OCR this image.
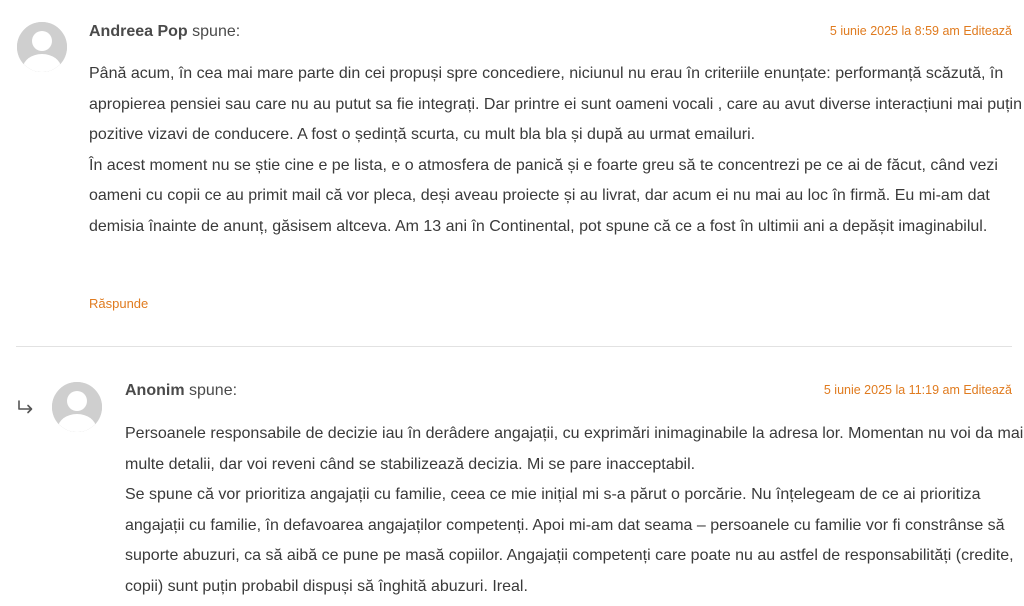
Andreea Pop spune:	5 iunie 2025 la 8:59 am Editează

Până acum, în cea mai mare parte din cei propuși spre concediere, niciunul nu erau în criteriile enunțate: performanță scăzută, în apropierea pensiei sau care nu au putut sa fie integrați. Dar printre ei sunt oameni vocali , care au avut diverse interacțiuni mai puțin pozitive vizavi de conducere. A fost o ședință scurta, cu mult bla bla și după au urmat emailuri.

În acest moment nu se știe cine e pe lista, e o atmosfera de panică și e foarte greu să te concentrezi pe ce ai de făcut, când vezi oameni cu copii ce au primit mail că vor pleca, deși aveau proiecte și au livrat, dar acum ei nu mai au loc în firmă. Eu mi-am dat demisia înainte de anunț, găsisem altceva. Am 13 ani în Continental, pot spune că ce a fost în ultimii ani a depășit imaginabilul.

Răspunde
Anonim spune:	5 iunie 2025 la 11:19 am Editează

Persoanele responsabile de decizie iau în derâdere angajații, cu exprimări inimaginabile la adresa lor. Momentan nu voi da mai multe detalii, dar voi reveni când se stabilizează decizia. Mi se pare inacceptabil.

Se spune că vor prioritiza angajații cu familie, ceea ce mie inițial mi s-a părut o porcărie. Nu înțelegeam de ce ai prioritiza angajații cu familie, în defavoarea angajaților competenți. Apoi mi-am dat seama – persoanele cu familie vor fi constrânse să suporte abuzuri, ca să aibă ce pune pe masă copiilor. Angajații competenți care poate nu au astfel de responsabilități (credite, copii) sunt puțin probabil dispuși să înghită abuzuri. Ireal.
